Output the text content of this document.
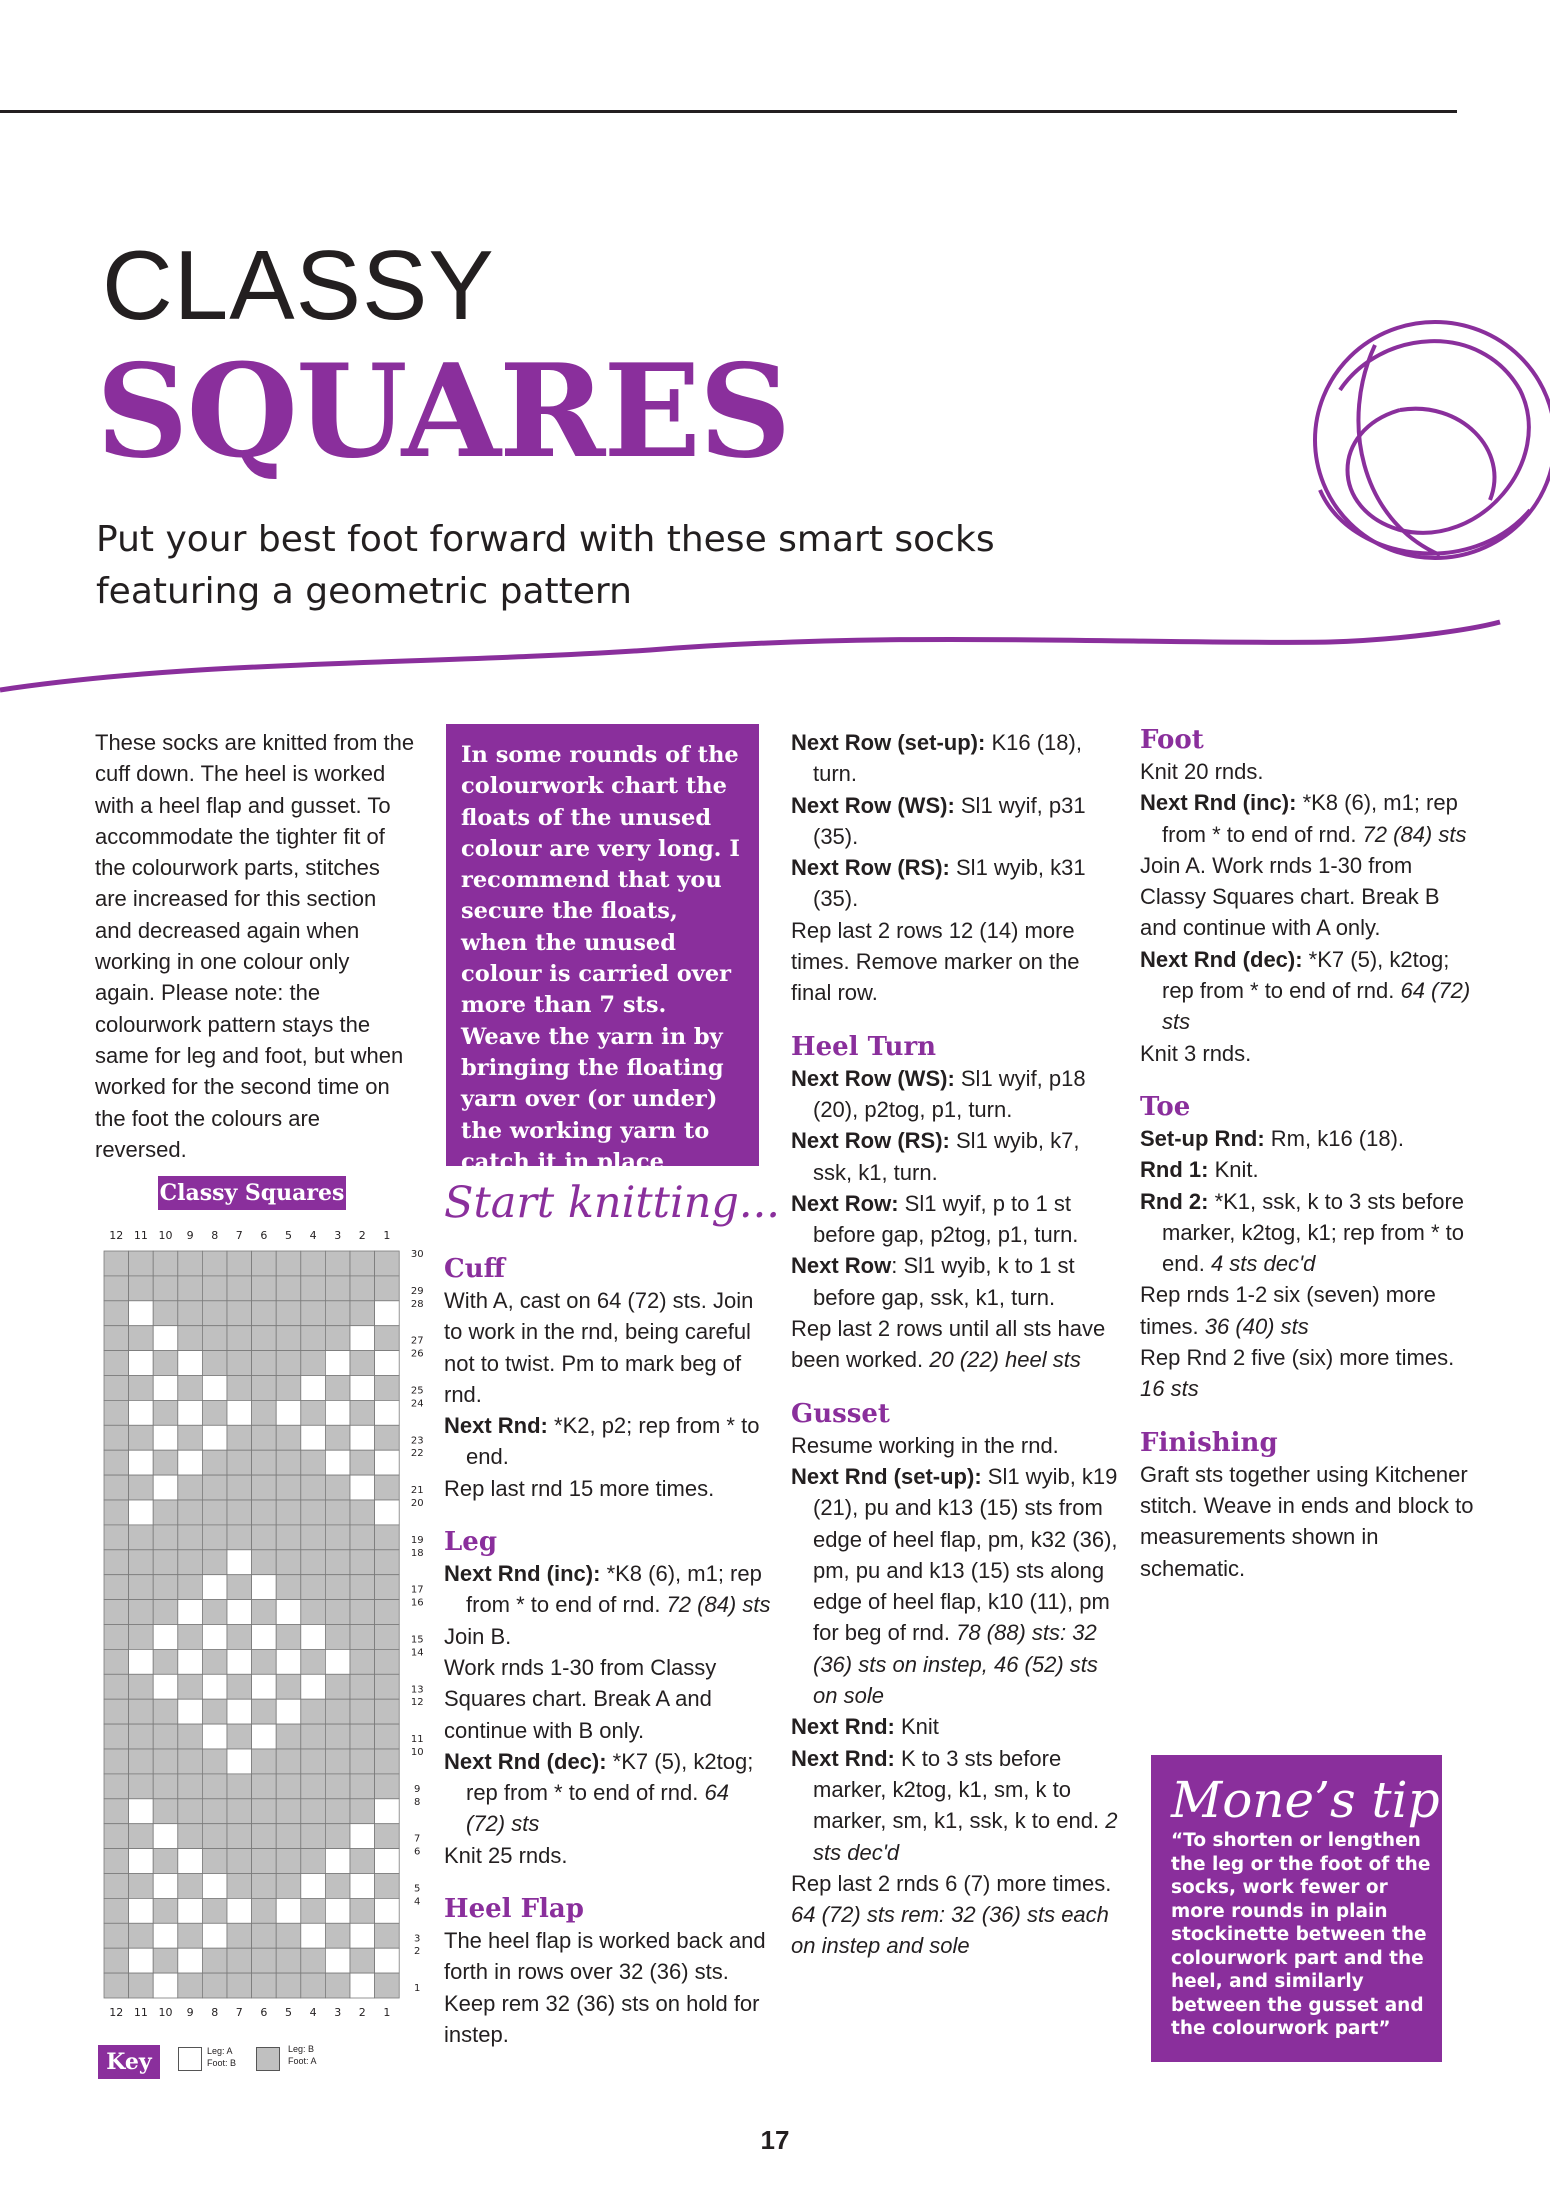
CLASSY
SQUARES
Put your best foot forward with these smart socks featuring a geometric pattern
These socks are knitted from the cuff down. The heel is worked with a heel flap and gusset. To accommodate the tighter fit of the colourwork parts, stitches are increased for this section and decreased again when working in one colour only again. Please note: the colourwork pattern stays the same for leg and foot, but when worked for the second time on the foot the colours are reversed.
In some rounds of the colourwork chart the floats of the unused colour are very long. I recommend that you secure the floats, when the unused colour is carried over more than 7 sts. Weave the yarn in by bringing the floating yarn over (or under) the working yarn to catch it in place
Classy Squares
12
12
11
11
10
10
9
9
8
8
7
7
6
6
5
5
4
4
3
3
2
2
1
1
30
29
28
27
26
25
24
23
22
21
20
19
18
17
16
15
14
13
12
11
10
9
8
7
6
5
4
3
2
1
Key	Leg: A
Foot: B
Leg: B
Foot: A
Start knitting...
Cuff

With A, cast on 64 (72) sts. Join to work in the rnd, being careful not to twist. Pm to mark beg of rnd.

Next Rnd: *K2, p2; rep from * to end.

Rep last rnd 15 more times.

Leg

Next Rnd (inc): *K8 (6), m1; rep from * to end of rnd. 72 (84) sts

Join B.

Work rnds 1-30 from Classy Squares chart. Break A and continue with B only.

Next Rnd (dec): *K7 (5), k2tog; rep from * to end of rnd. 64 (72) sts

Knit 25 rnds.

Heel Flap

The heel flap is worked back and forth in rows over 32 (36) sts. Keep rem 32 (36) sts on hold for instep.

Next Row (set-up): K16 (18), turn.

Next Row (WS): Sl1 wyif, p31 (35).

Next Row (RS): Sl1 wyib, k31 (35).

Rep last 2 rows 12 (14) more times. Remove marker on the final row.

Heel Turn

Next Row (WS): Sl1 wyif, p18 (20), p2tog, p1, turn.

Next Row (RS): Sl1 wyib, k7, ssk, k1, turn.

Next Row: Sl1 wyif, p to 1 st before gap, p2tog, p1, turn.

Next Row: Sl1 wyib, k to 1 st before gap, ssk, k1, turn.

Rep last 2 rows until all sts have been worked. 20 (22) heel sts

Gusset

Resume working in the rnd.

Next Rnd (set-up): Sl1 wyib, k19 (21), pu and k13 (15) sts from edge of heel flap, pm, k32 (36), pm, pu and k13 (15) sts along edge of heel flap, k10 (11), pm for beg of rnd. 78 (88) sts: 32 (36) sts on instep, 46 (52) sts on sole

Next Rnd: Knit

Next Rnd: K to 3 sts before marker, k2tog, k1, sm, k to marker, sm, k1, ssk, k to end. 2 sts dec'd

Rep last 2 rnds 6 (7) more times. 64 (72) sts rem: 32 (36) sts each on instep and sole

Foot

Knit 20 rnds.

Next Rnd (inc): *K8 (6), m1; rep from * to end of rnd. 72 (84) sts

Join A. Work rnds 1-30 from Classy Squares chart. Break B and continue with A only.

Next Rnd (dec): *K7 (5), k2tog; rep from * to end of rnd. 64 (72) sts

Knit 3 rnds.

Toe

Set-up Rnd: Rm, k16 (18).

Rnd 1: Knit.

Rnd 2: *K1, ssk, k to 3 sts before marker, k2tog, k1; rep from * to end. 4 sts dec'd

Rep rnds 1-2 six (seven) more times. 36 (40) sts

Rep Rnd 2 five (six) more times. 16 sts

Finishing

Graft sts together using Kitchener stitch. Weave in ends and block to measurements shown in schematic.

Mone’s tip
“To shorten or lengthen the leg or the foot of the socks, work fewer or more rounds in plain stockinette between the colourwork part and the heel, and similarly between the gusset and the colourwork part”
17
